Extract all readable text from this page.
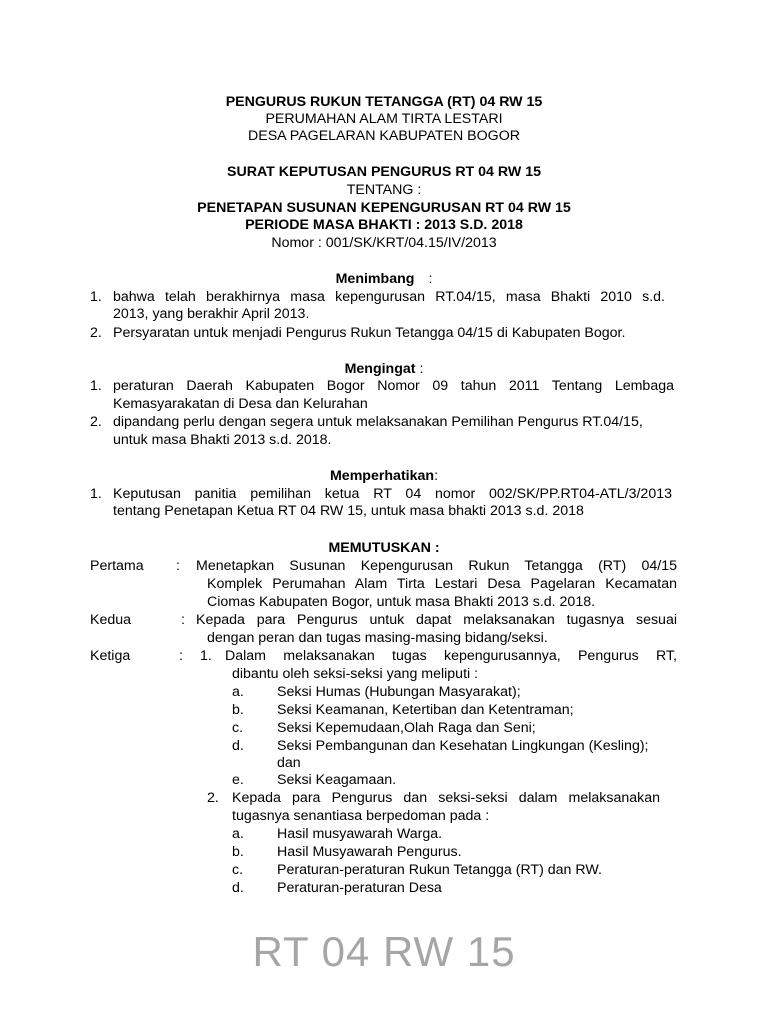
PENGURUS RUKUN TETANGGA (RT) 04 RW 15
PERUMAHAN ALAM TIRTA LESTARI
DESA PAGELARAN KABUPATEN BOGOR
SURAT KEPUTUSAN PENGURUS RT 04 RW 15
TENTANG :
PENETAPAN SUSUNAN KEPENGURUSAN RT 04 RW 15
PERIODE MASA BHAKTI : 2013 S.D. 2018
Nomor : 001/SK/KRT/04.15/IV/2013
Menimbang :
1. bahwa telah berakhirnya masa kepengurusan RT.04/15, masa Bhakti 2010 s.d.
2013, yang berakhir April 2013.
2. Persyaratan untuk menjadi Pengurus Rukun Tetangga 04/15 di Kabupaten Bogor.
Mengingat :
1. peraturan Daerah Kabupaten Bogor Nomor 09 tahun 2011 Tentang Lembaga
Kemasyarakatan di Desa dan Kelurahan
2. dipandang perlu dengan segera untuk melaksanakan Pemilihan Pengurus RT.04/15,
untuk masa Bhakti 2013 s.d. 2018.
Memperhatikan:
1. Keputusan panitia pemilihan ketua RT 04 nomor 002/SK/PP.RT04-ATL/3/2013
tentang Penetapan Ketua RT 04 RW 15, untuk masa bhakti 2013 s.d. 2018
MEMUTUSKAN :
Pertama : Menetapkan Susunan Kepengurusan Rukun Tetangga (RT) 04/15
Komplek Perumahan Alam Tirta Lestari Desa Pagelaran Kecamatan
Ciomas Kabupaten Bogor, untuk masa Bhakti 2013 s.d. 2018.
Kedua	: Kepada para Pengurus untuk dapat melaksanakan tugasnya sesuai
dengan peran dan tugas masing-masing bidang/seksi.
Ketiga	: 1. Dalam melaksanakan tugas kepengurusannya, Pengurus RT,
dibantu oleh seksi-seksi yang meliputi :
a. Seksi Humas (Hubungan Masyarakat);
b. Seksi Keamanan, Ketertiban dan Ketentraman;
c. Seksi Kepemudaan,Olah Raga dan Seni;
d. Seksi Pembangunan dan Kesehatan Lingkungan (Kesling);
dan
e. Seksi Keagamaan.
2. Kepada para Pengurus dan seksi-seksi dalam melaksanakan
tugasnya senantiasa berpedoman pada :
a. Hasil musyawarah Warga.
b. Hasil Musyawarah Pengurus.
c. Peraturan-peraturan Rukun Tetangga (RT) dan RW.
d. Peraturan-peraturan Desa
RT 04 RW 15
